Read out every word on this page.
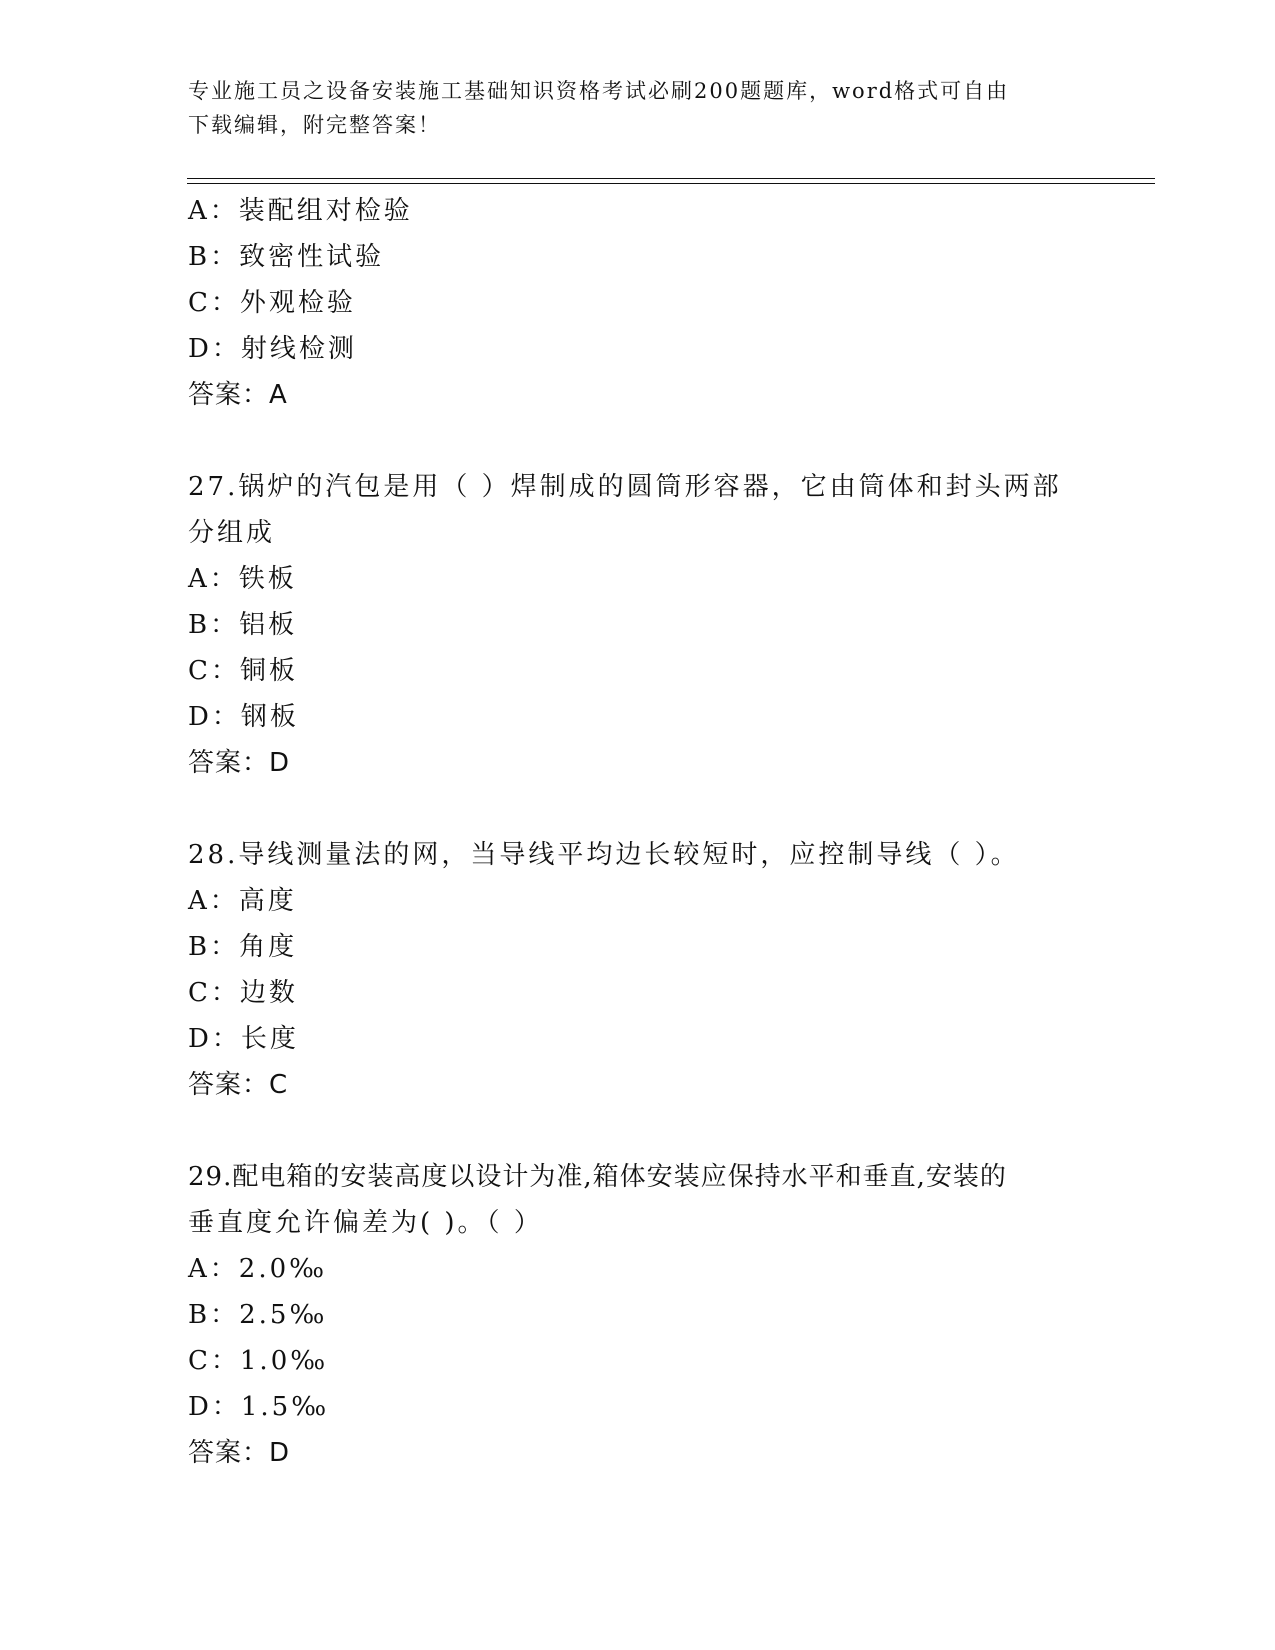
专业施工员之设备安装施工基础知识资格考试必刷200题题库，word格式可自由
下载编辑，附完整答案！
A：装配组对检验
B：致密性试验
C：外观检验
D：射线检测
答案：A
27.锅炉的汽包是用（ ）焊制成的圆筒形容器，它由筒体和封头两部
分组成
A：铁板
B：铝板
C：铜板
D：钢板
答案：D
28.导线测量法的网，当导线平均边长较短时，应控制导线（ ）。
A：高度
B：角度
C：边数
D：长度
答案：C
29.配电箱的安装高度以设计为准,箱体安装应保持水平和垂直,安装的
垂直度允许偏差为( )。（ ）
A：2.0‰
B：2.5‰
C：1.0‰
D：1.5‰
答案：D
